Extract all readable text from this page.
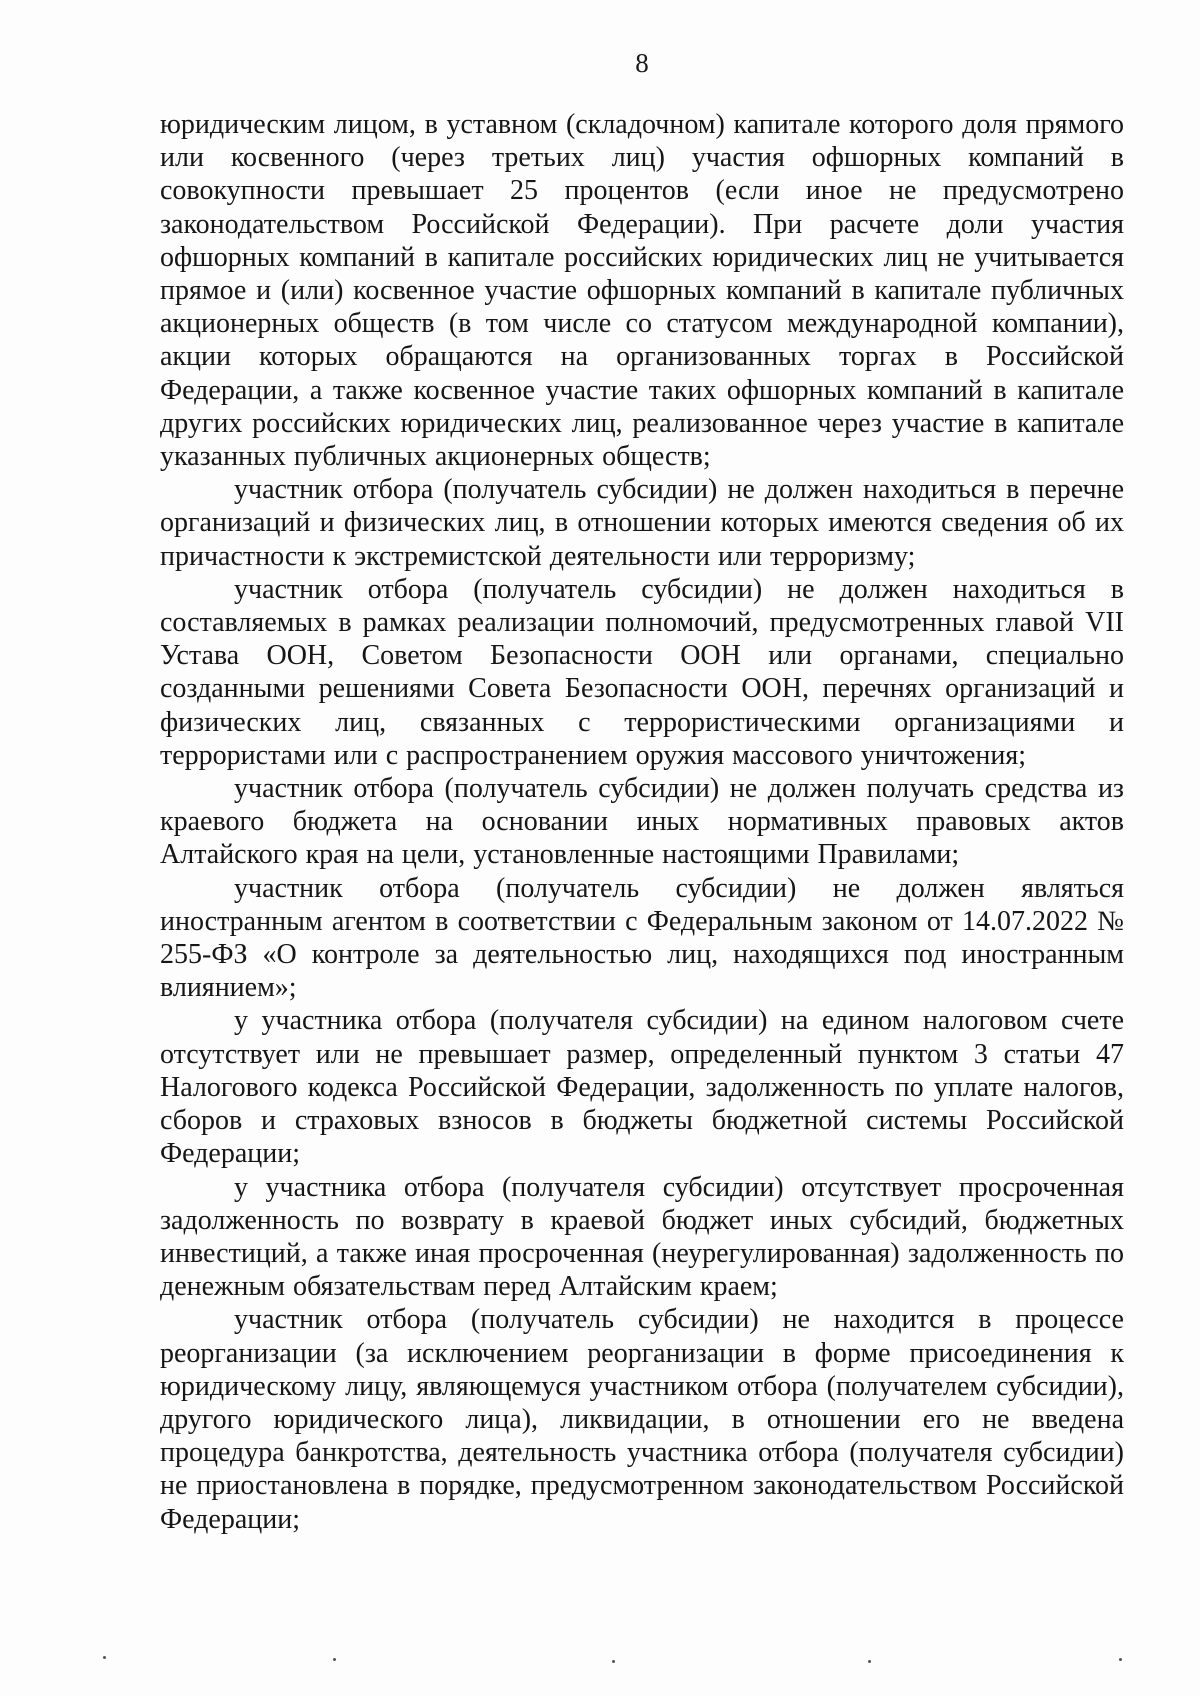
8

юридическим лицом, в уставном (складочном) капитале которого доля прямого или косвенного (через третьих лиц) участия офшорных компаний в совокупности превышает 25 процентов (если иное не предусмотрено законодательством Российской Федерации). При расчете доли участия офшорных компаний в капитале российских юридических лиц не учитывается прямое и (или) косвенное участие офшорных компаний в капитале публичных акционерных обществ (в том числе со статусом международной компании), акции которых обращаются на организованных торгах в Российской Федерации, а также косвенное участие таких офшорных компаний в капитале других российских юридических лиц, реализованное через участие в капитале указанных публичных акционерных обществ;

участник отбора (получатель субсидии) не должен находиться в перечне организаций и физических лиц, в отношении которых имеются сведения об их причастности к экстремистской деятельности или терроризму;

участник отбора (получатель субсидии) не должен находиться в составляемых в рамках реализации полномочий, предусмотренных главой VII Устава ООН, Советом Безопасности ООН или органами, специально созданными решениями Совета Безопасности ООН, перечнях организаций и физических лиц, связанных с террористическими организациями и террористами или с распространением оружия массового уничтожения;

участник отбора (получатель субсидии) не должен получать средства из краевого бюджета на основании иных нормативных правовых актов Алтайского края на цели, установленные настоящими Правилами;

участник отбора (получатель субсидии) не должен являться иностранным агентом в соответствии с Федеральным законом от 14.07.2022 № 255-ФЗ «О контроле за деятельностью лиц, находящихся под иностранным влиянием»;

у участника отбора (получателя субсидии) на едином налоговом счете отсутствует или не превышает размер, определенный пунктом 3 статьи 47 Налогового кодекса Российской Федерации, задолженность по уплате налогов, сборов и страховых взносов в бюджеты бюджетной системы Российской Федерации;

у участника отбора (получателя субсидии) отсутствует просроченная задолженность по возврату в краевой бюджет иных субсидий, бюджетных инвестиций, а также иная просроченная (неурегулированная) задолженность по денежным обязательствам перед Алтайским краем;

участник отбора (получатель субсидии) не находится в процессе реорганизации (за исключением реорганизации в форме присоединения к юридическому лицу, являющемуся участником отбора (получателем субсидии), другого юридического лица), ликвидации, в отношении его не введена процедура банкротства, деятельность участника отбора (получателя субсидии) не приостановлена в порядке, предусмотренном законодательством Российской Федерации;
